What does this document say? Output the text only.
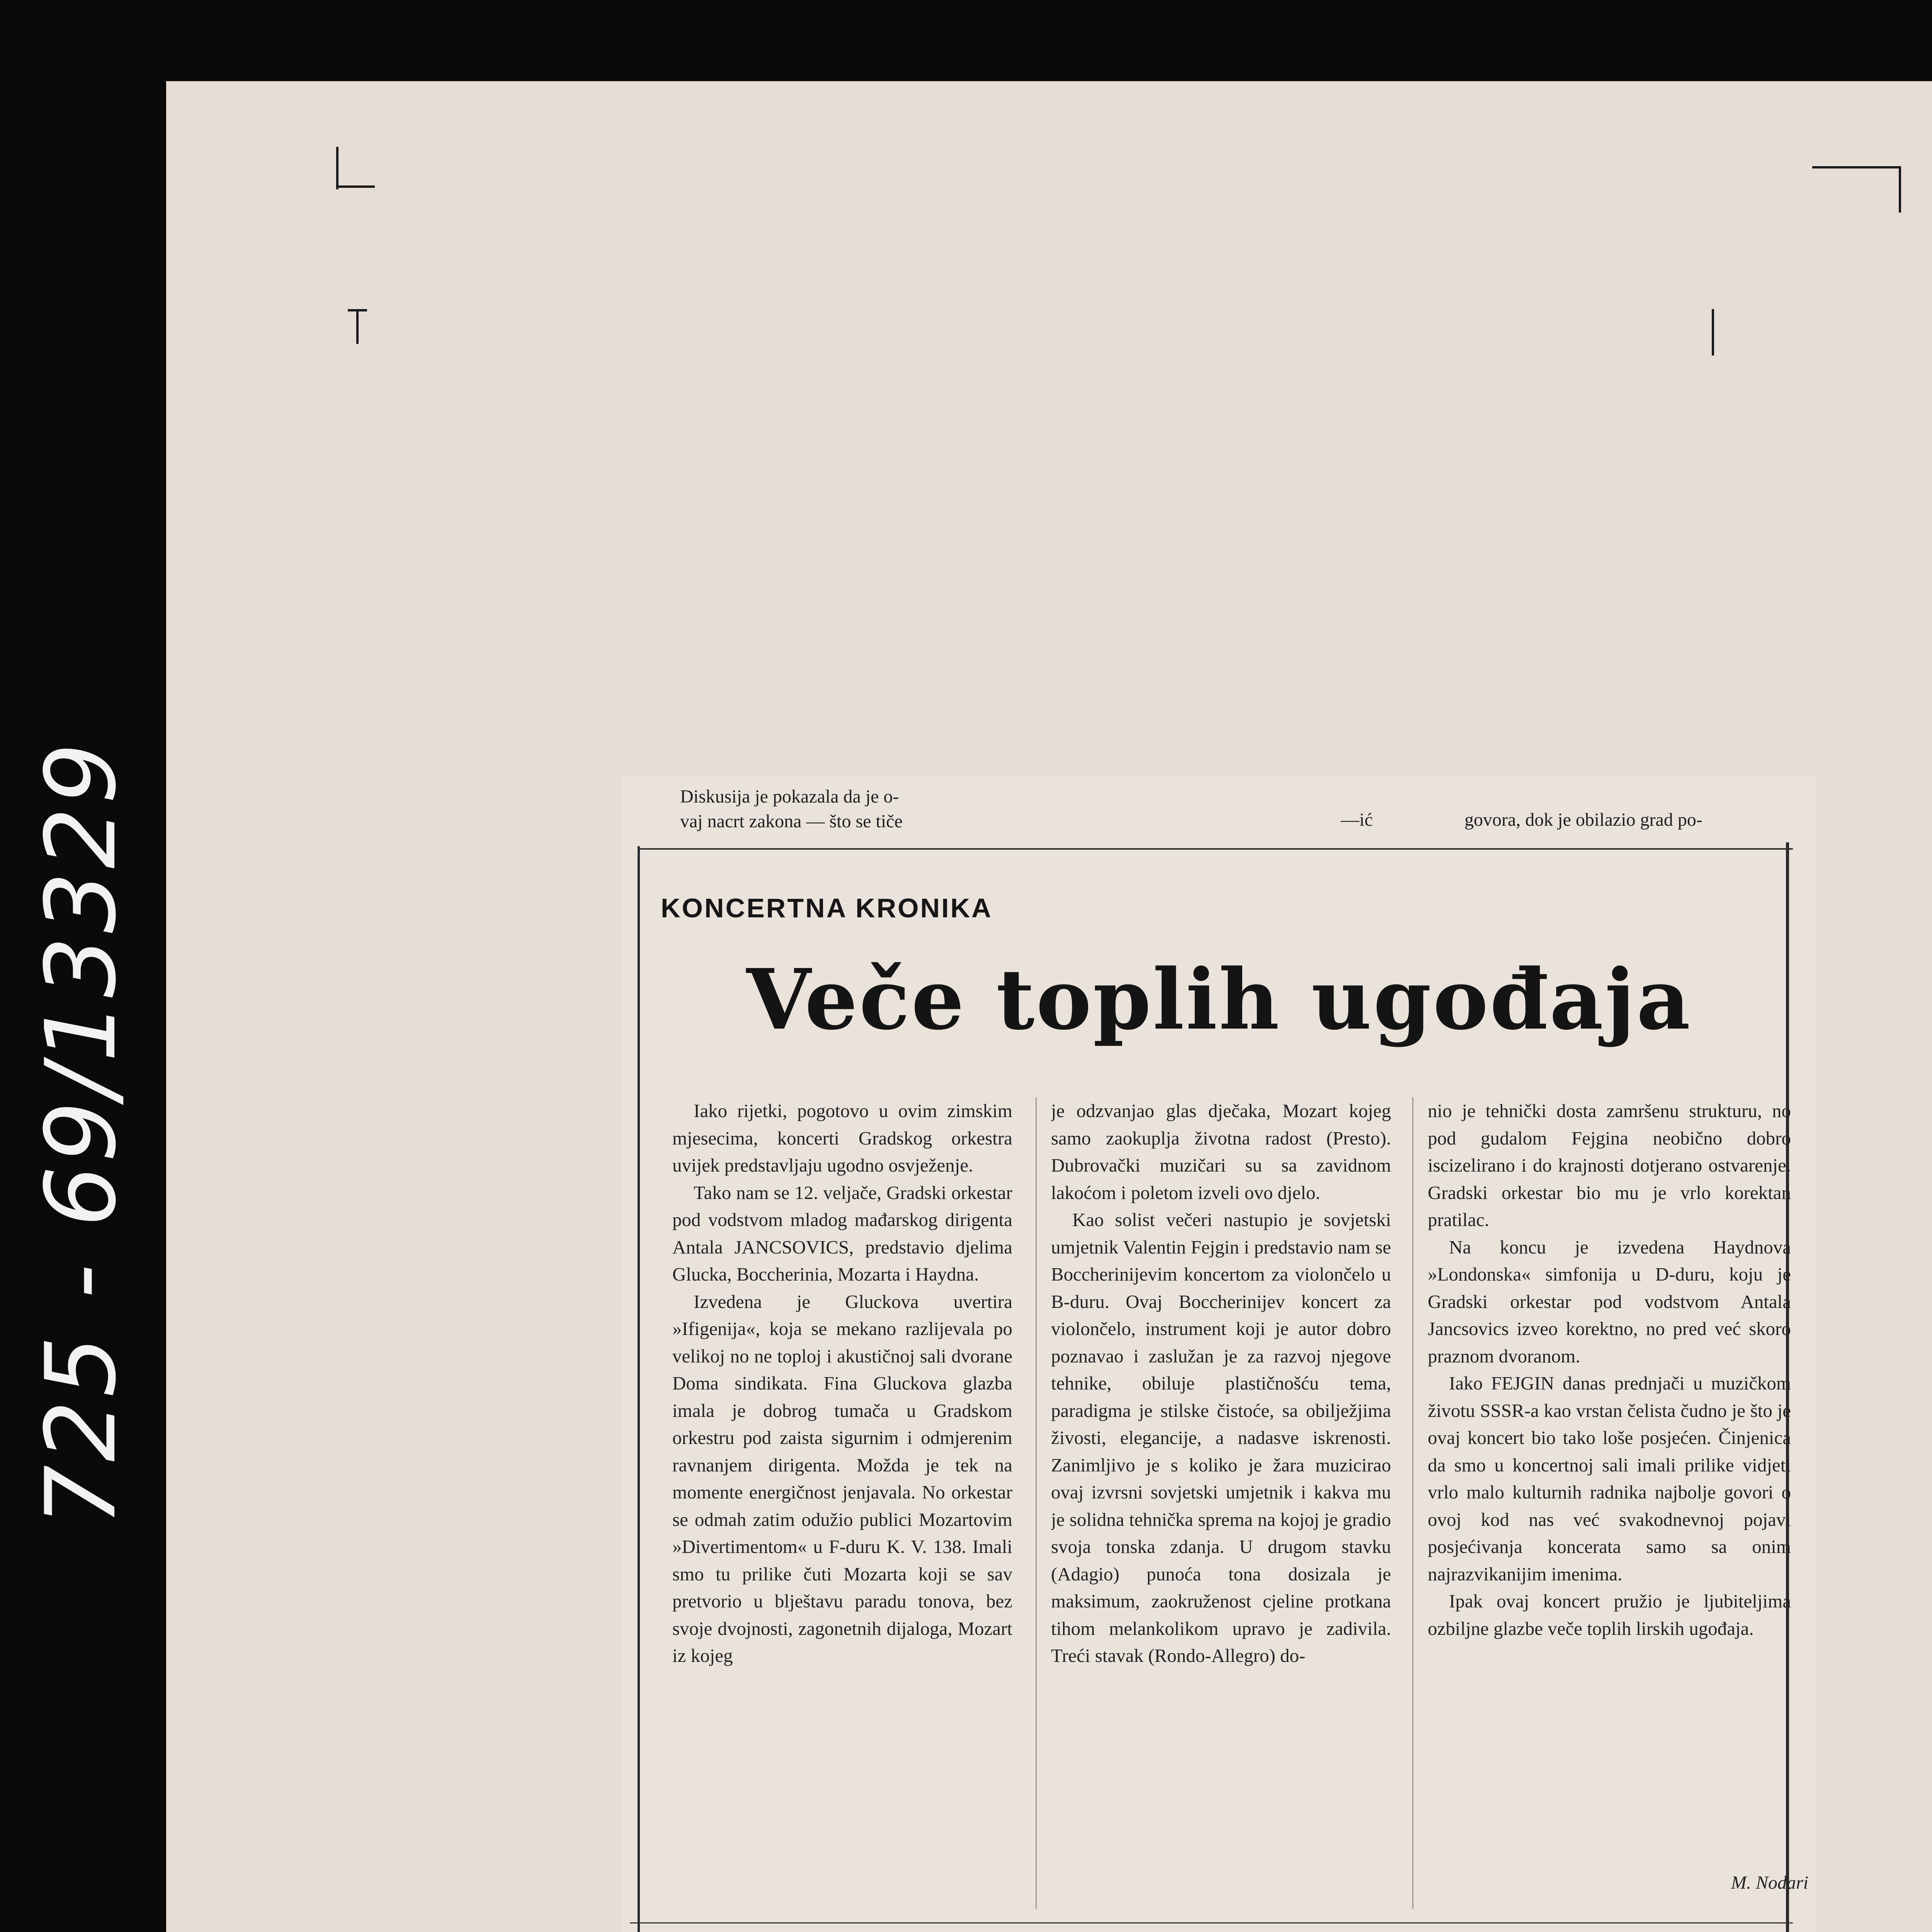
725 - 69/13329	Diskusija je pokazala da je o-
vaj nacrt zakona — što se tiče	—ić	govora, dok je obilazio grad po-
KONCERTNA KRONIKA
Veče toplih ugođaja

Iako rijetki, pogotovo u ovim zimskim mjesecima, koncerti Gradskog orkestra uvijek predstavljaju ugodno osvježenje.

Tako nam se 12. veljače, Gradski orkestar pod vodstvom mladog mađarskog dirigenta Antala JANCSOVICS, predstavio djelima Glucka, Boccherinia, Mozarta i Haydna.

Izvedena je Gluckova uvertira »Ifigenija«, koja se mekano razlijevala po velikoj no ne toploj i akustičnoj sali dvorane Doma sindikata. Fina Gluckova glazba imala je dobrog tumača u Gradskom orkestru pod zaista sigurnim i odmjerenim ravnanjem dirigenta. Možda je tek na momente energičnost jenjavala. No orkestar se odmah zatim odužio publici Mozartovim »Divertimentom« u F-duru K. V. 138. Imali smo tu prilike čuti Mozarta koji se sav pretvorio u blještavu paradu tonova, bez svoje dvojnosti, zagonetnih dijaloga, Mozart iz kojeg

je odzvanjao glas dječaka, Mozart kojeg samo zaokuplja životna radost (Presto). Dubrovački muzičari su sa zavidnom lakoćom i poletom izveli ovo djelo.

Kao solist večeri nastupio je sovjetski umjetnik Valentin Fejgin i predstavio nam se Boccherinijevim koncertom za violončelo u B-duru. Ovaj Boccherinijev koncert za violončelo, instrument koji je autor dobro poznavao i zaslužan je za razvoj njegove tehnike, obiluje plastičnošću tema, paradigma je stilske čistoće, sa obilježjima živosti, elegancije, a nadasve iskrenosti. Zanimljivo je s koliko je žara muzicirao ovaj izvrsni sovjetski umjetnik i kakva mu je solidna tehnička sprema na kojoj je gradio svoja tonska zdanja. U drugom stavku (Adagio) punoća tona dosizala je maksimum, zaokruženost cjeline protkana tihom melankolikom upravo je zadivila. Treći stavak (Rondo-Allegro) do-

nio je tehnički dosta zamršenu strukturu, no pod gudalom Fejgina neobično dobro iscizelirano i do krajnosti dotjerano ostvarenje. Gradski orkestar bio mu je vrlo korektan pratilac.

Na koncu je izvedena Haydnova »Londonska« simfonija u D-duru, koju je Gradski orkestar pod vodstvom Antala Jancsovics izveo korektno, no pred već skoro praznom dvoranom.

Iako FEJGIN danas prednjači u muzičkom životu SSSR-a kao vrstan čelista čudno je što je ovaj koncert bio tako loše posjećen. Činjenica da smo u koncertnoj sali imali prilike vidjeti vrlo malo kulturnih radnika najbolje govori o ovoj kod nas već svakodnevnoj pojavi posjećivanja koncerata samo sa onim najrazvikanijim imenima.

Ipak ovaj koncert pružio je ljubiteljima ozbiljne glazbe veče toplih lirskih ugođaja.

M. Nodari
